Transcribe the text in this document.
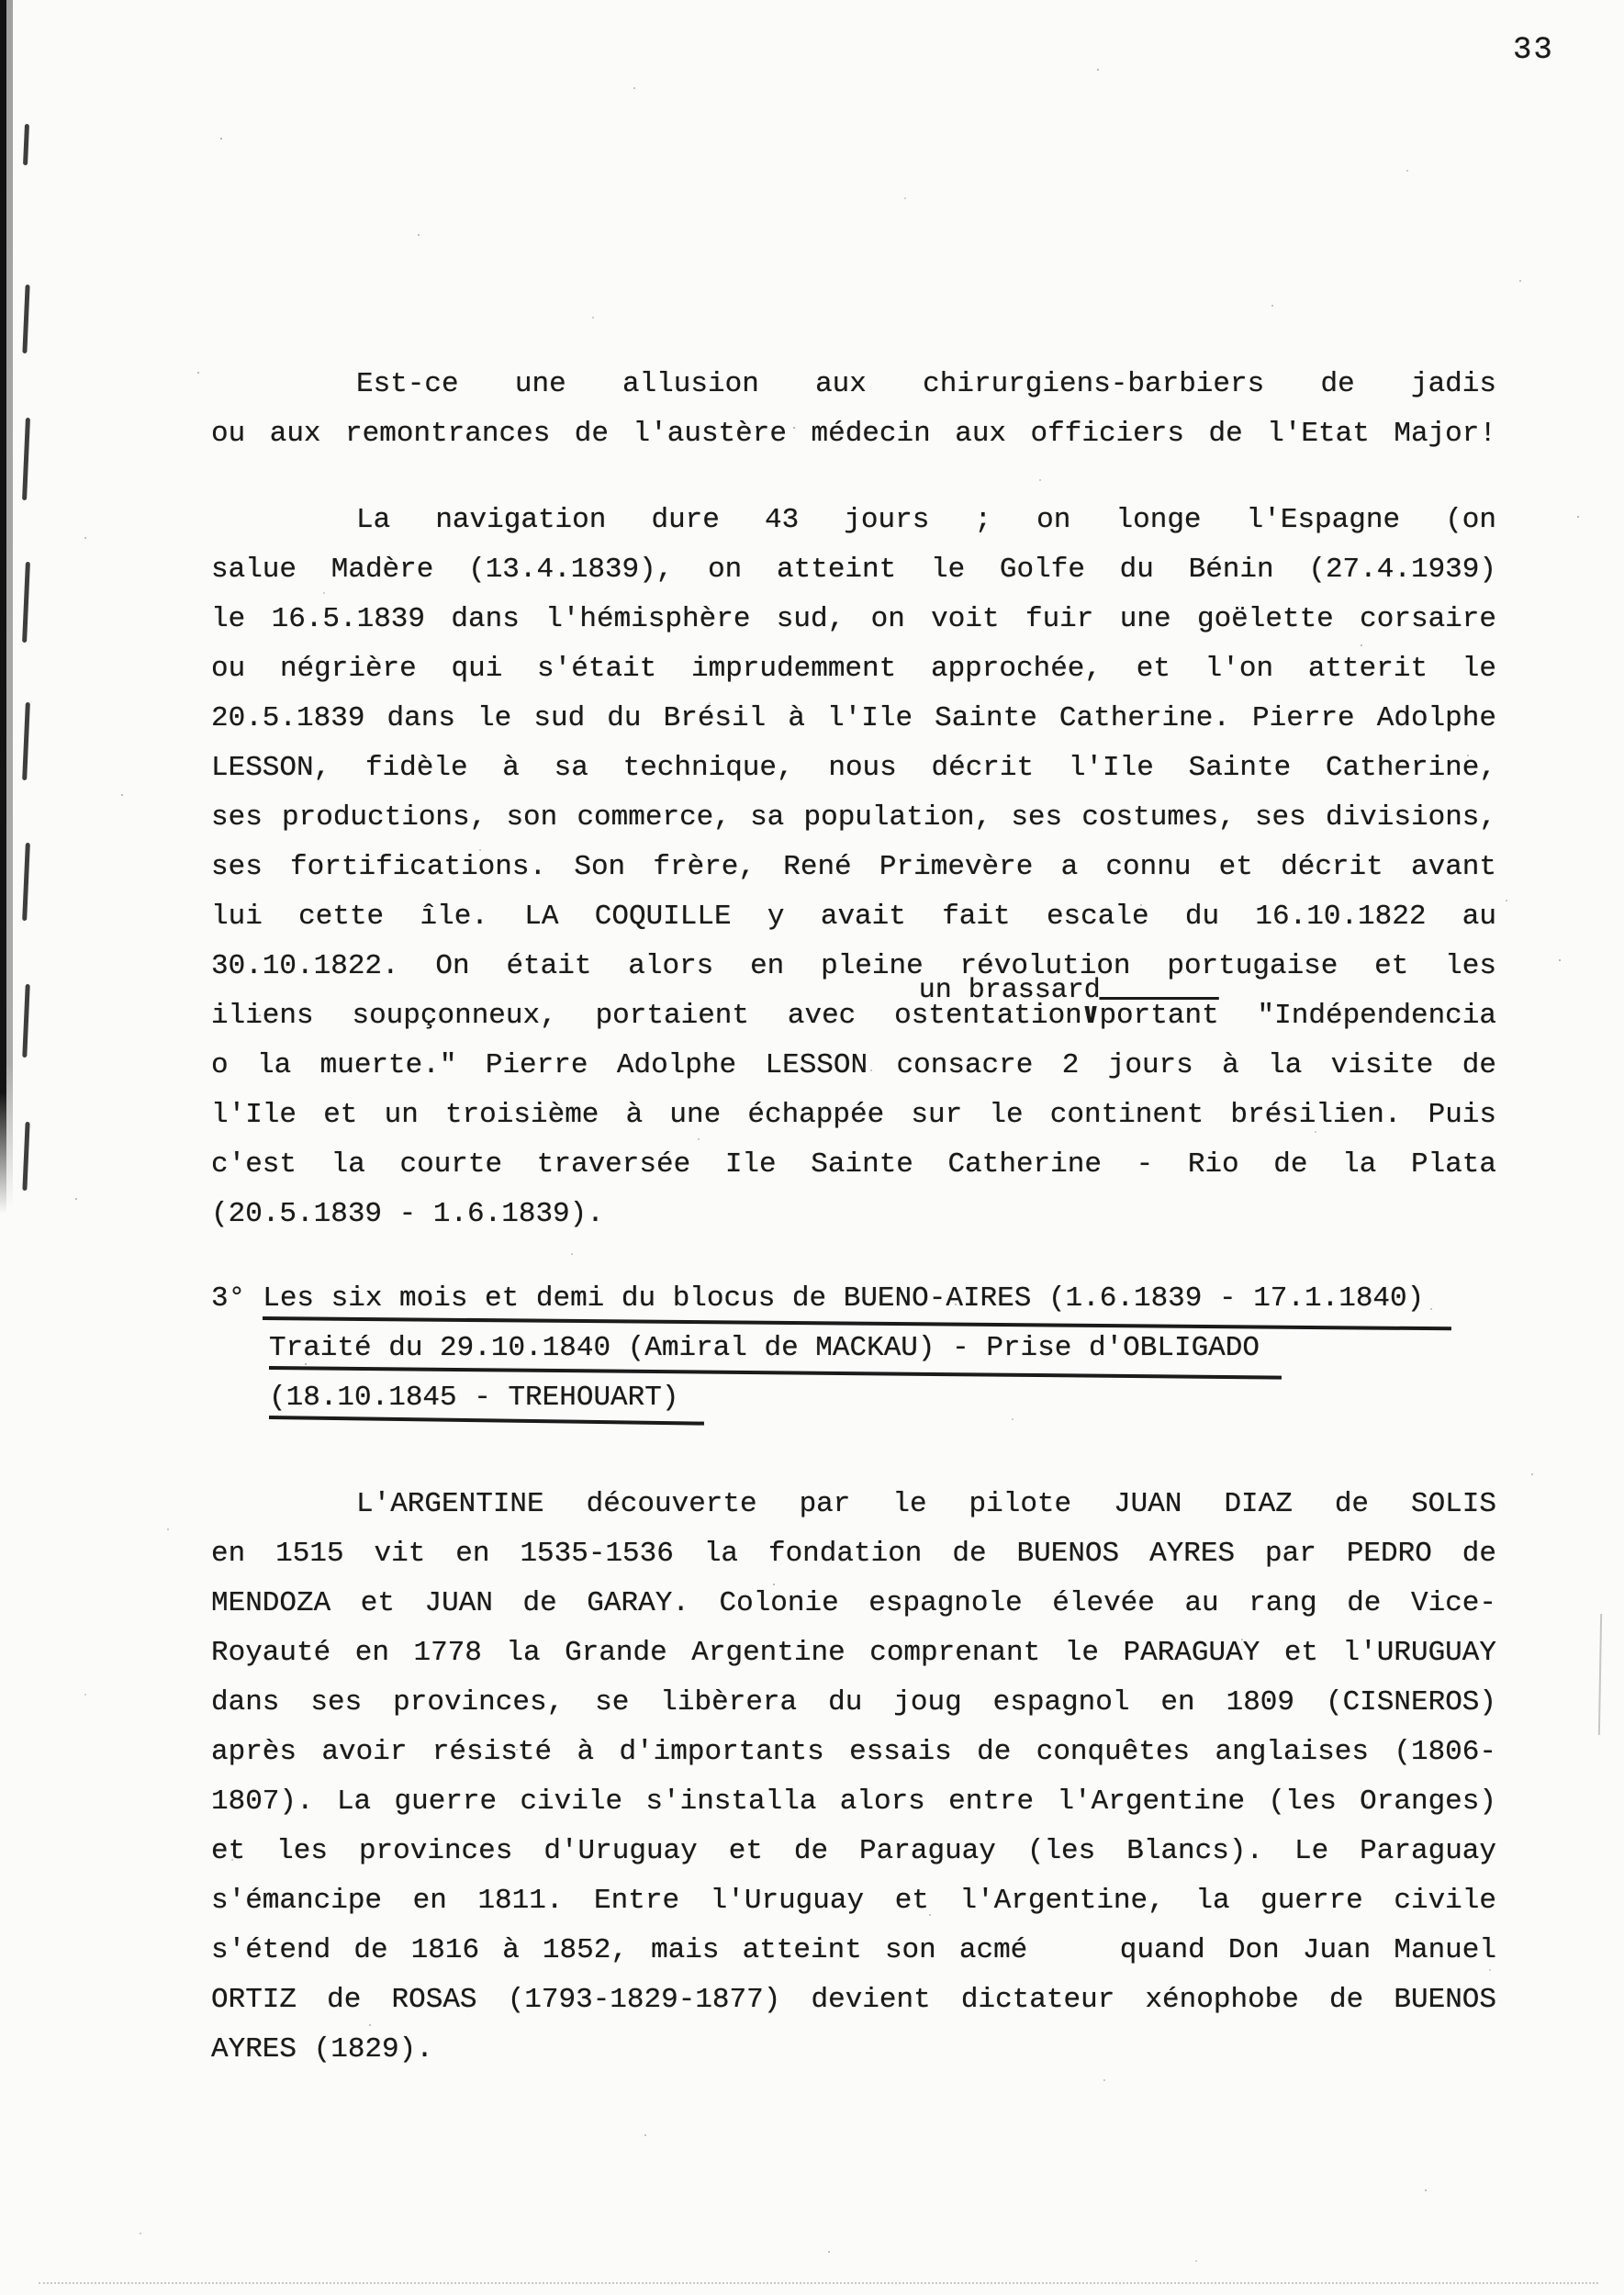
33
Est-ce une allusion aux chirurgiens-barbiers de jadis
ou aux remontrances de l'austère médecin aux officiers de l'Etat Major!
La navigation dure 43 jours ; on longe l'Espagne (on
salue Madère (13.4.1839), on atteint le Golfe du Bénin (27.4.1939)
le 16.5.1839 dans l'hémisphère sud, on voit fuir une goëlette corsaire
ou négrière qui s'était imprudemment approchée, et l'on atterit le
20.5.1839 dans le sud du Brésil à l'Ile Sainte Catherine. Pierre Adolphe
LESSON, fidèle à sa technique, nous décrit l'Ile Sainte Catherine,
ses productions, son commerce, sa population, ses costumes, ses divisions,
ses fortifications. Son frère, René Primevère a connu et décrit avant
lui cette île. LA COQUILLE y avait fait escale du 16.10.1822 au
30.10.1822. On était alors en pleine révolution portugaise et les
iliens soupçonneux, portaient avec ostentation
un brassard
∨portant "Indépendencia
o la muerte." Pierre Adolphe LESSON consacre 2 jours à la visite de
l'Ile et un troisième à une échappée sur le continent brésilien. Puis
c'est la courte traversée Ile Sainte Catherine - Rio de la Plata
(20.5.1839 - 1.6.1839).
3° Les six mois et demi du blocus de BUENO-AIRES (1.6.1839 - 17.1.1840)
Traité du 29.10.1840 (Amiral de MACKAU) - Prise d'OBLIGADO
(18.10.1845 - TREHOUART)
L'ARGENTINE découverte par le pilote JUAN DIAZ de SOLIS
en 1515 vit en 1535-1536 la fondation de BUENOS AYRES par PEDRO de
MENDOZA et JUAN de GARAY. Colonie espagnole élevée au rang de Vice-
Royauté en 1778 la Grande Argentine comprenant le PARAGUAY et l'URUGUAY
dans ses provinces, se libèrera du joug espagnol en 1809 (CISNEROS)
après avoir résisté à d'importants essais de conquêtes anglaises (1806-
1807). La guerre civile s'installa alors entre l'Argentine (les Oranges)
et les provinces d'Uruguay et de Paraguay (les Blancs). Le Paraguay
s'émancipe en 1811. Entre l'Uruguay et l'Argentine, la guerre civile
s'étend de 1816 à 1852, mais atteint son acmé    quand Don Juan Manuel
ORTIZ de ROSAS (1793-1829-1877) devient dictateur xénophobe de BUENOS
AYRES (1829).
